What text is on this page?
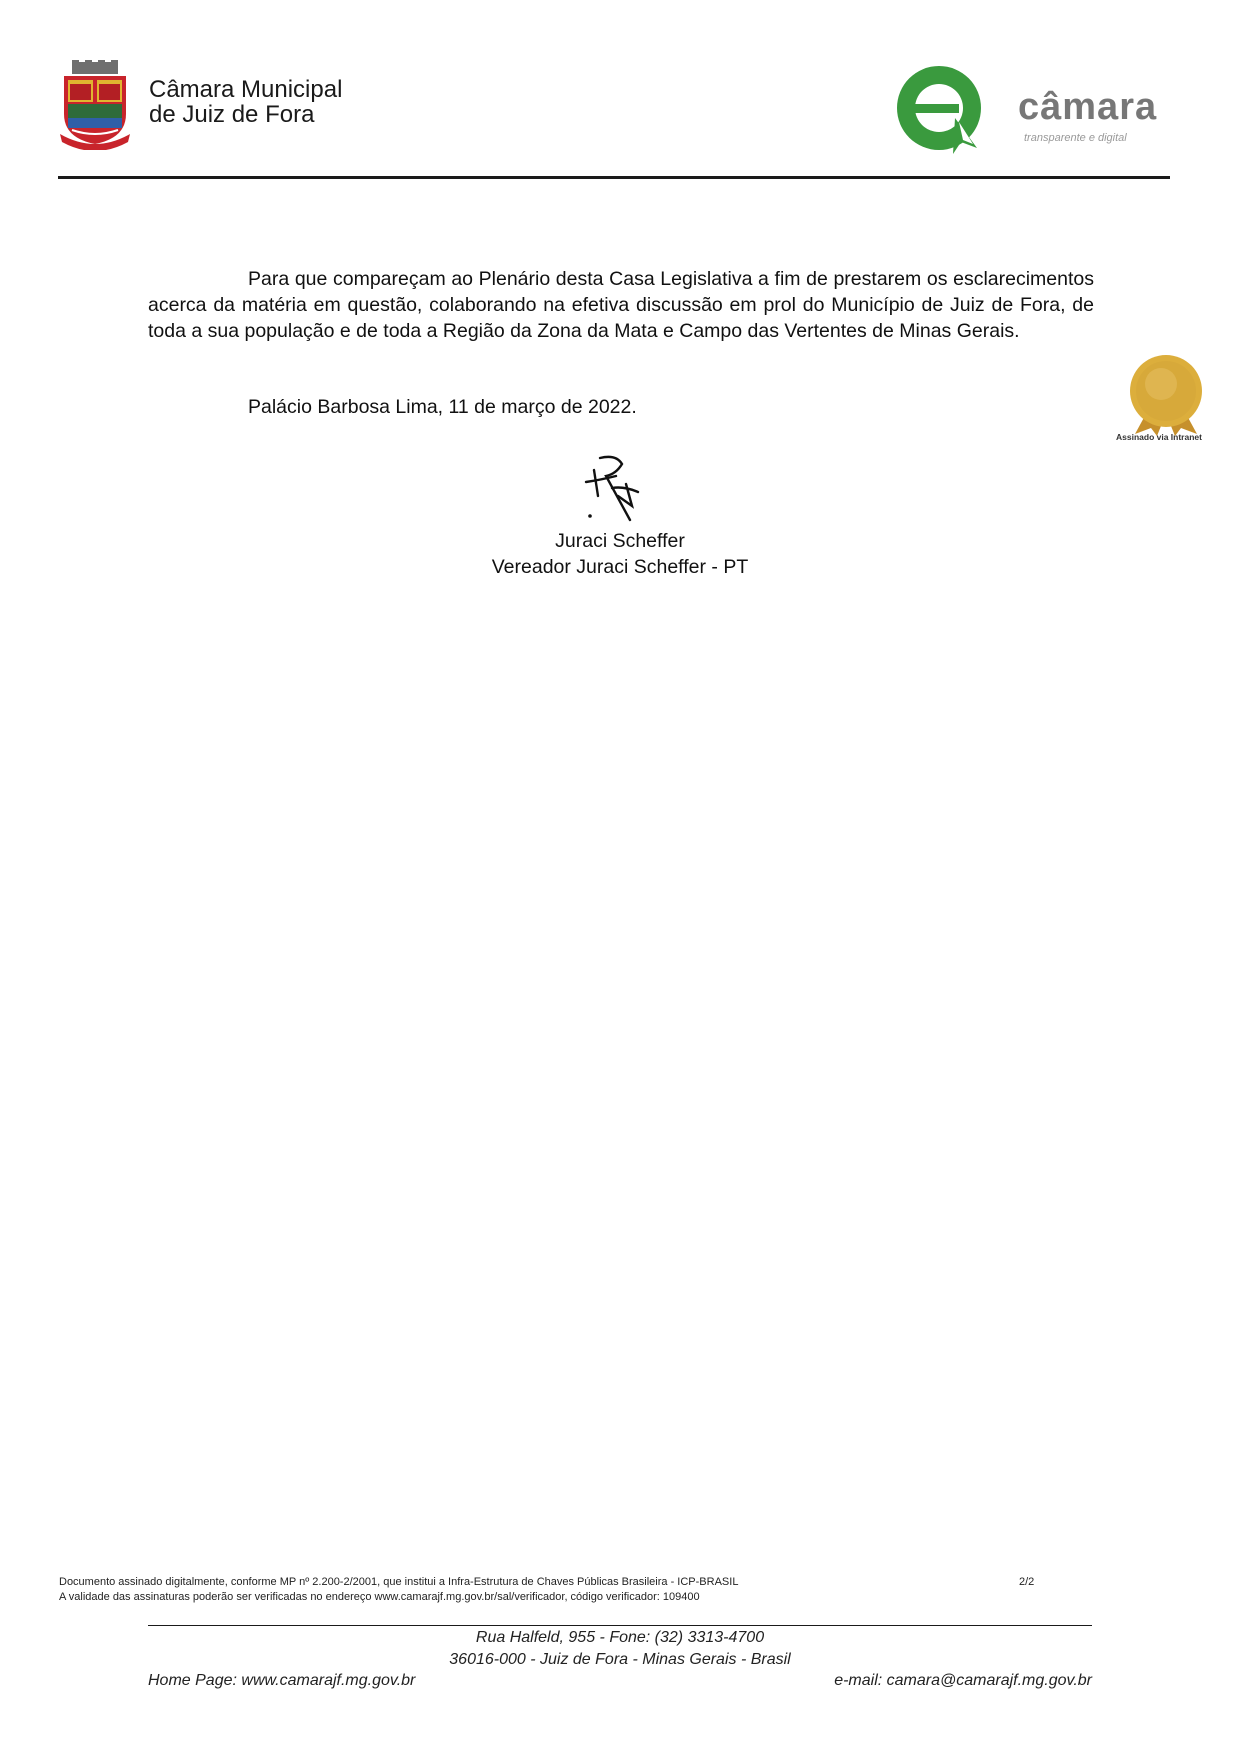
Câmara Municipal
de Juiz de Fora	câmara
transparente e digital
Assinado via Intranet
Para que compareçam ao Plenário desta Casa Legislativa a fim de prestarem os esclarecimentos acerca da matéria em questão, colaborando na efetiva discussão em prol do Município de Juiz de Fora, de toda a sua população e de toda a Região da Zona da Mata e Campo das Vertentes de Minas Gerais.
Palácio Barbosa Lima, 11 de março de 2022.
Juraci Scheffer
Vereador Juraci Scheffer - PT
Documento assinado digitalmente, conforme MP nº 2.200-2/2001, que institui a Infra-Estrutura de Chaves Públicas Brasileira - ICP-BRASIL
A validade das assinaturas poderão ser verificadas no endereço www.camarajf.mg.gov.br/sal/verificador, código verificador: 109400
2/2
Rua Halfeld, 955 - Fone: (32) 3313-4700
36016-000 - Juiz de Fora - Minas Gerais - Brasil
Home Page: www.camarajf.mg.gov.br	e-mail: camara@camarajf.mg.gov.br
